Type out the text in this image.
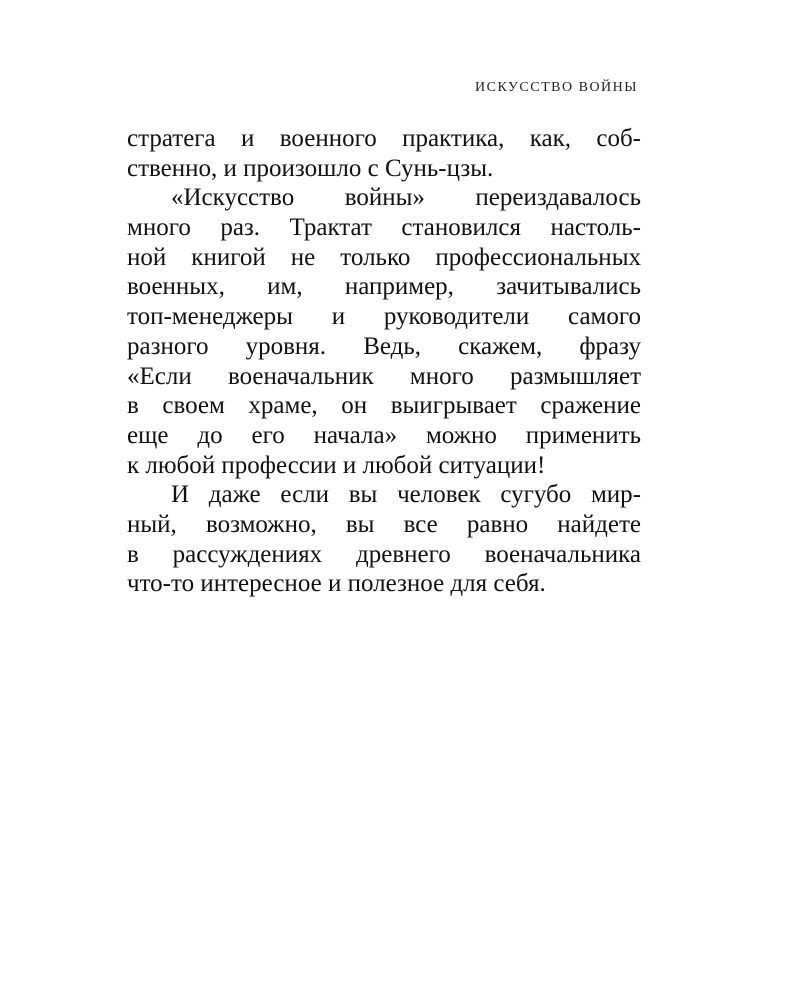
ИСКУССТВО ВОЙНЫ
стратега и военного практика, как, соб-
ственно, и произошло с Сунь-цзы.
«Искусство войны» переиздавалось
много раз. Трактат становился настоль-
ной книгой не только профессиональных
военных, им, например, зачитывались
топ-менеджеры и руководители самого
разного уровня. Ведь, скажем, фразу
«Если военачальник много размышляет
в своем храме, он выигрывает сражение
еще до его начала» можно применить
к любой профессии и любой ситуации!
И даже если вы человек сугубо мир-
ный, возможно, вы все равно найдете
в рассуждениях древнего военачальника
что-то интересное и полезное для себя.
